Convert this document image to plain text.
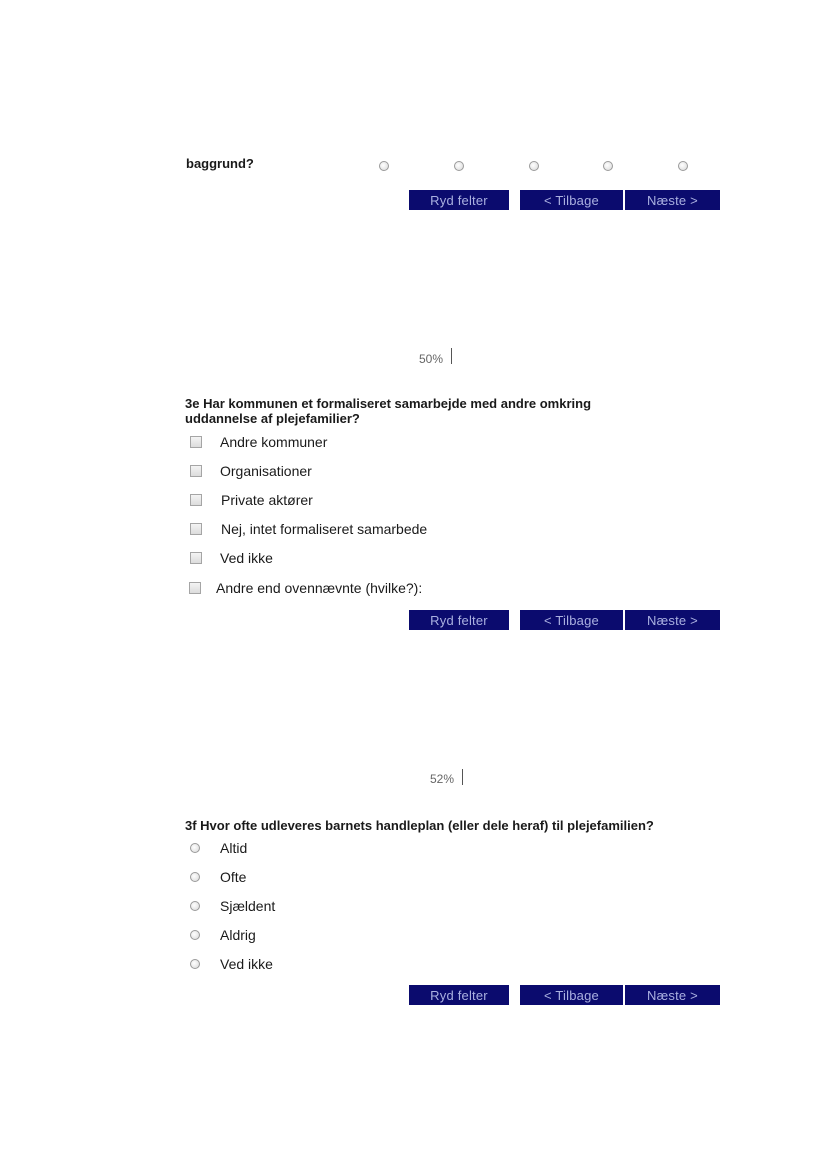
baggrund?
Ryd felter	< Tilbage	Næste >
50%
3e Har kommunen et formaliseret samarbejde med andre omkring uddannelse af plejefamilier?
Andre kommuner
Organisationer
Private aktører
Nej, intet formaliseret samarbede
Ved ikke
Andre end ovennævnte (hvilke?):
Ryd felter	< Tilbage	Næste >
52%
3f Hvor ofte udleveres barnets handleplan (eller dele heraf) til plejefamilien?
Altid
Ofte
Sjældent
Aldrig
Ved ikke
Ryd felter	< Tilbage	Næste >
